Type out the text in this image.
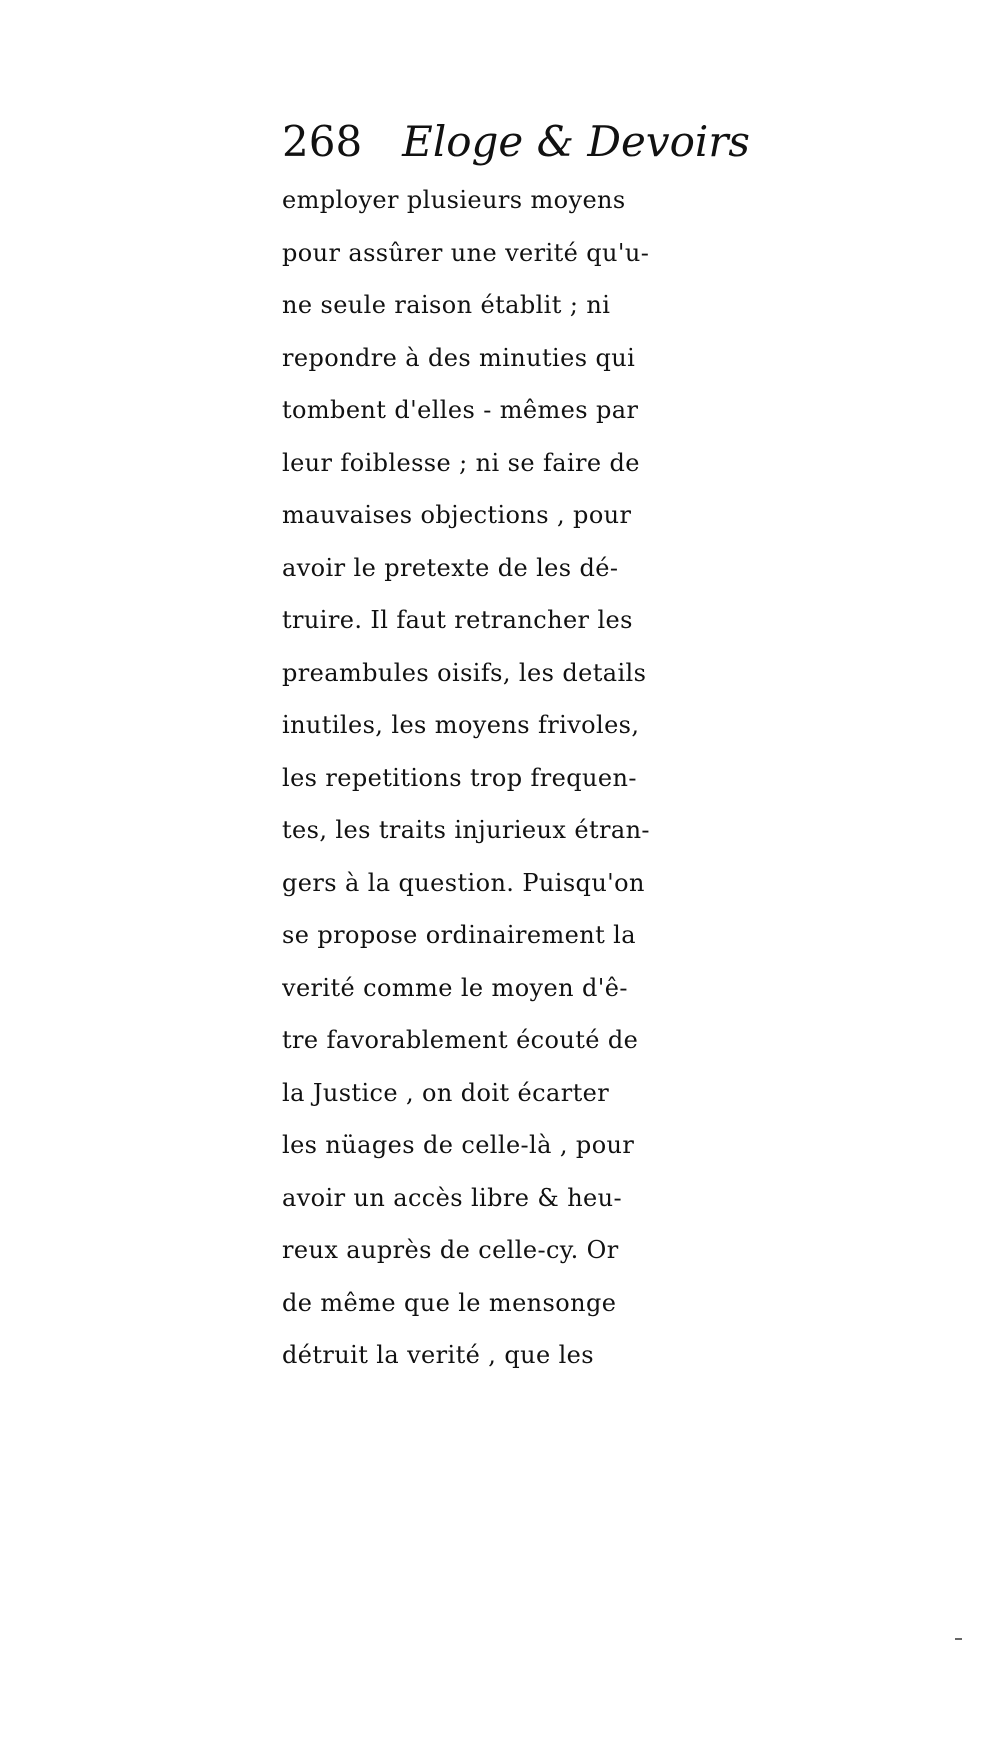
268 Eloge & Devoirs
employer plusieurs moyens
pour assûrer une verité qu'u-
ne seule raison établit ; ni
repondre à des minuties qui
tombent d'elles - mêmes par
leur foiblesse ; ni se faire de
mauvaises objections , pour
avoir le pretexte de les dé-
truire. Il faut retrancher les
preambules oisifs, les details
inutiles, les moyens frivoles,
les repetitions trop frequen-
tes, les traits injurieux étran-
gers à la question. Puisqu'on
se propose ordinairement la
verité comme le moyen d'ê-
tre favorablement écouté de
la Justice , on doit écarter
les nüages de celle-là , pour
avoir un accès libre & heu-
reux auprès de celle-cy. Or
de même que le mensonge
détruit la verité , que les
